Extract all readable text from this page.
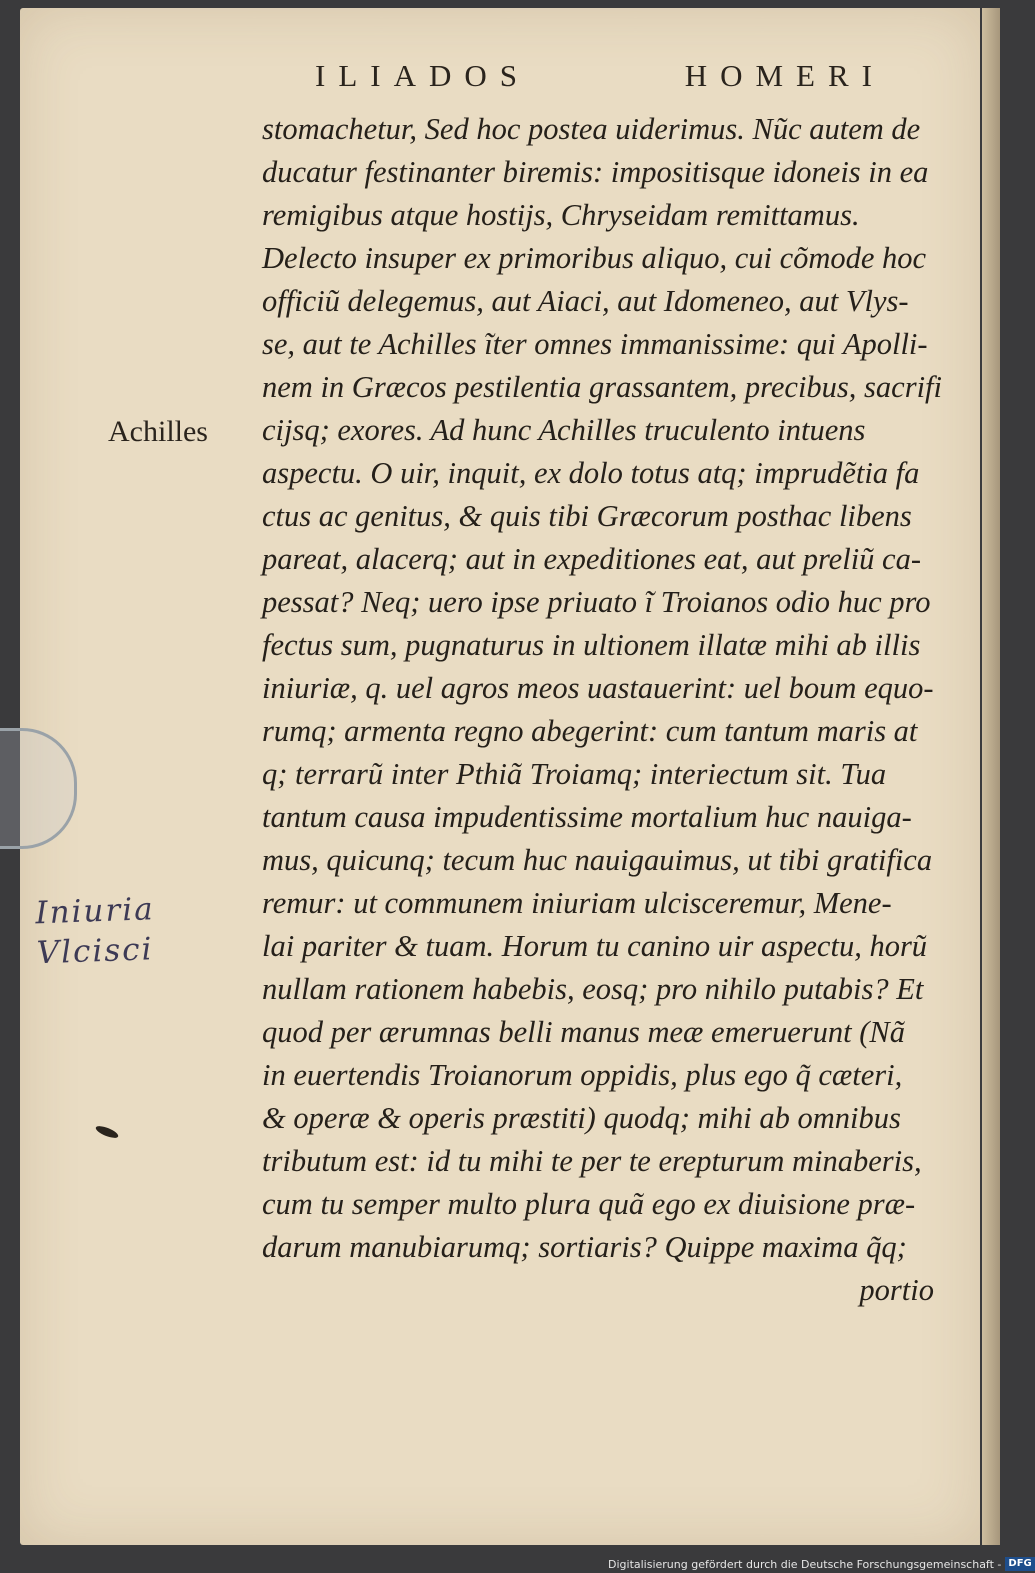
ILIADOS	HOMERI
Achilles
Iniuria
Vlcisci
stomachetur, Sed hoc postea uiderimus. Nũc autem de
ducatur festinanter biremis: impositisque idoneis in ea
remigibus atque hostijs, Chryseidam remittamus.
Delecto insuper ex primoribus aliquo, cui cõmode hoc
officiũ delegemus, aut Aiaci, aut Idomeneo, aut Vlys-
se, aut te Achilles ĩter omnes immanissime: qui Apolli-
nem in Græcos pestilentia grassantem, precibus, sacrifi
cijsq; exores. Ad hunc Achilles truculento intuens
aspectu. O uir, inquit, ex dolo totus atq; imprudẽtia fa
ctus ac genitus, & quis tibi Græcorum posthac libens
pareat, alacerq; aut in expeditiones eat, aut preliũ ca-
pessat? Neq; uero ipse priuato ĩ Troianos odio huc pro
fectus sum, pugnaturus in ultionem illatæ mihi ab illis
iniuriæ, q. uel agros meos uastauerint: uel boum equo-
rumq; armenta regno abegerint: cum tantum maris at
q; terrarũ inter Pthiã Troiamq; interiectum sit. Tua
tantum causa impudentissime mortalium huc nauiga-
mus, quicunq; tecum huc nauigauimus, ut tibi gratifica
remur: ut communem iniuriam ulcisceremur, Mene-
lai pariter & tuam. Horum tu canino uir aspectu, horũ
nullam rationem habebis, eosq; pro nihilo putabis? Et
quod per ærumnas belli manus meæ emeruerunt (Nã
in euertendis Troianorum oppidis, plus ego q̃ cæteri,
& operæ & operis præstiti) quodq; mihi ab omnibus
tributum est: id tu mihi te per te erepturum minaberis,
cum tu semper multo plura quã ego ex diuisione præ-
darum manubiarumq; sortiaris? Quippe maxima q̃q;
portio
Digitalisierung gefördert durch die Deutsche Forschungsgemeinschaft - DFG
